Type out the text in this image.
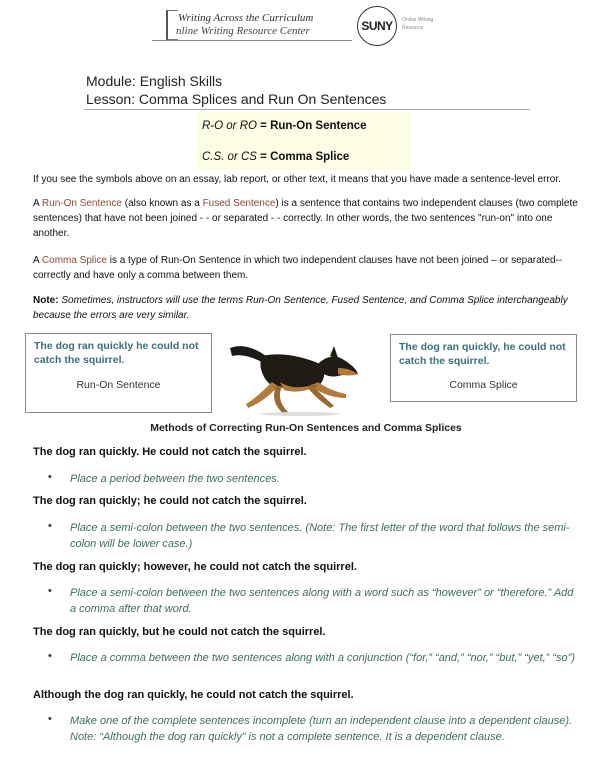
Writing Across the Curriculum
nline Writing Resource Center	SUNY	Online Writing
Resource
Module: English Skills
Lesson: Comma Splices and Run On Sentences
R-O or RO = Run-On Sentence
C.S. or CS = Comma Splice
If you see the symbols above on an essay, lab report, or other text, it means that you have made a sentence-level error.
A Run-On Sentence (also known as a Fused Sentence) is a sentence that contains two independent clauses (two complete sentences) that have not been joined - - or separated - - correctly. In other words, the two sentences "run-on" into one another.
A Comma Splice is a type of Run-On Sentence in which two independent clauses have not been joined – or separated--correctly and have only a comma between them.
Note: Sometimes, instructors will use the terms Run-On Sentence, Fused Sentence, and Comma Splice interchangeably because the errors are very similar.
The dog ran quickly he could not catch the squirrel.
Run-On Sentence
The dog ran quickly, he could not catch the squirrel.
Comma Splice
Methods of Correcting Run-On Sentences and Comma Splices
The dog ran quickly. He could not catch the squirrel.
• Place a period between the two sentences.
The dog ran quickly; he could not catch the squirrel.
• Place a semi-colon between the two sentences. (Note: The first letter of the word that follows the semi-colon will be lower case.)
The dog ran quickly; however, he could not catch the squirrel.
• Place a semi-colon between the two sentences along with a word such as “however” or “therefore.” Add a comma after that word.
The dog ran quickly, but he could not catch the squirrel.
• Place a comma between the two sentences along with a conjunction (“for,” “and,” “nor,” “but,” “yet,” “so”)
Although the dog ran quickly, he could not catch the squirrel.
• Make one of the complete sentences incomplete (turn an independent clause into a dependent clause). Note: “Although the dog ran quickly” is not a complete sentence. It is a dependent clause.
